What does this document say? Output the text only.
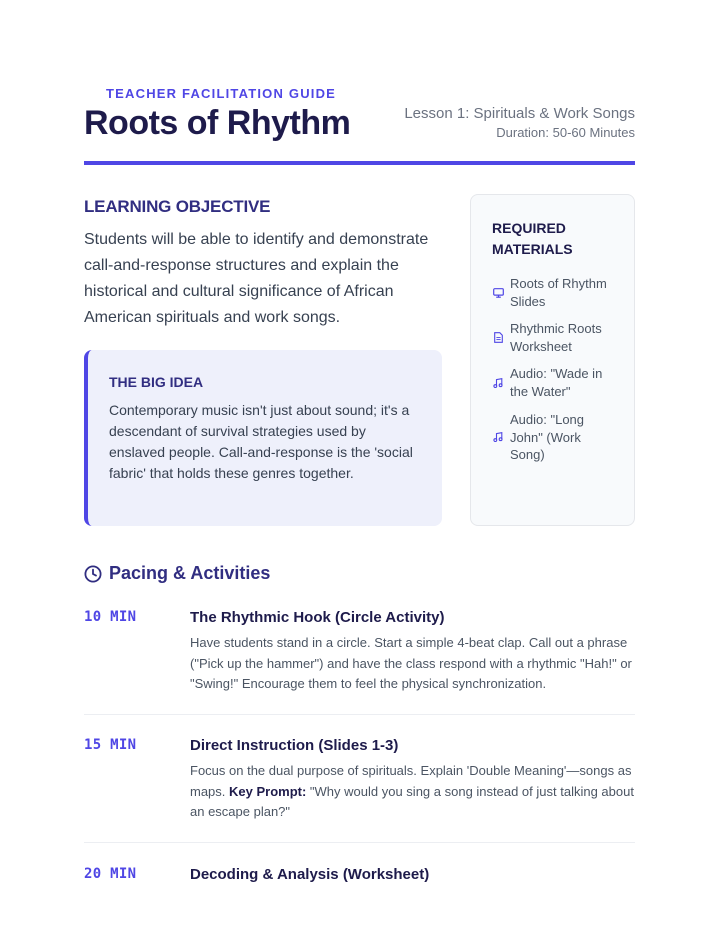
TEACHER FACILITATION GUIDE
Roots of Rhythm	Lesson 1: Spirituals & Work Songs
Duration: 50-60 Minutes
LEARNING OBJECTIVE

Students will be able to identify and demonstrate call-and-response structures and explain the historical and cultural significance of African American spirituals and work songs.

THE BIG IDEA

Contemporary music isn't just about sound; it's a descendant of survival strategies used by enslaved people. Call-and-response is the 'social fabric' that holds these genres together.

REQUIRED MATERIALS
Roots of Rhythm Slides
Rhythmic Roots Worksheet
Audio: "Wade in the Water"
Audio: "Long John" (Work Song)
Pacing & Activities
10 MIN	The Rhythmic Hook (Circle Activity)

Have students stand in a circle. Start a simple 4-beat clap. Call out a phrase ("Pick up the hammer") and have the class respond with a rhythmic "Hah!" or "Swing!" Encourage them to feel the physical synchronization.

15 MIN	Direct Instruction (Slides 1-3)

Focus on the dual purpose of spirituals. Explain 'Double Meaning'—songs as maps. Key Prompt: "Why would you sing a song instead of just talking about an escape plan?"

20 MIN	Decoding & Analysis (Worksheet)
